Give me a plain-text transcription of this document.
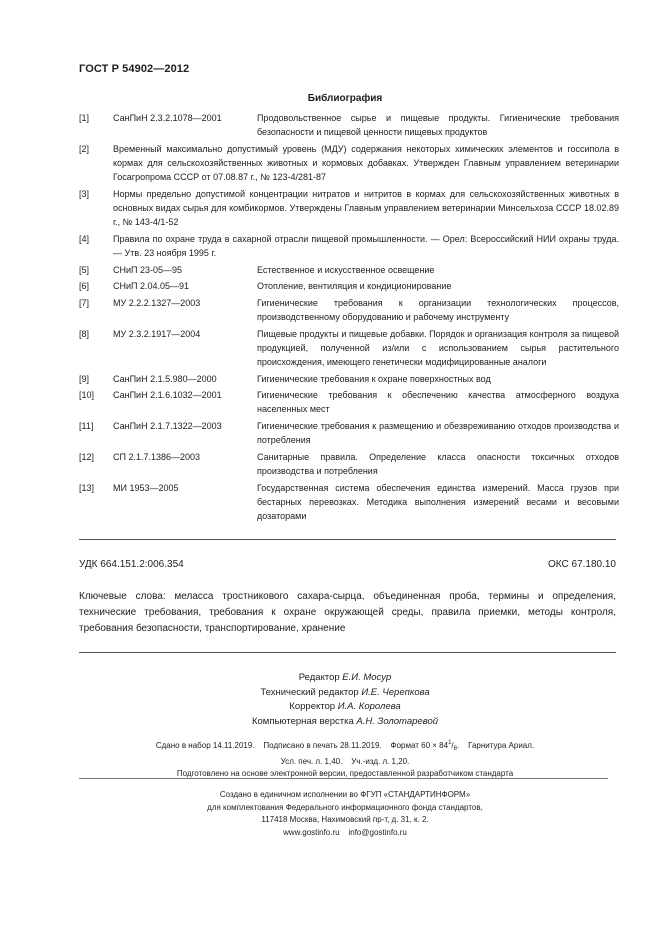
ГОСТ Р 54902—2012
Библиография
[1]	СанПиН 2.3.2.1078—2001	Продовольственное сырье и пищевые продукты. Гигиенические требования безопасности и пищевой ценности пищевых продуктов
[2]	Временный максимально допустимый уровень (МДУ) содержания некоторых химических элементов и госсипола в кормах для сельскохозяйственных животных и кормовых добавках. Утвержден Главным управлением ветеринарии Госагропрома СССР от 07.08.87 г., № 123-4/281-87
[3]	Нормы предельно допустимой концентрации нитратов и нитритов в кормах для сельскохозяйственных животных в основных видах сырья для комбикормов. Утверждены Главным управлением ветеринарии Минсельхоза СССР 18.02.89 г., № 143-4/1-52
[4]	Правила по охране труда в сахарной отрасли пищевой промышленности. — Орел: Всероссийский НИИ охраны труда. — Утв. 23 ноября 1995 г.
[5]	СНиП 23-05—95	Естественное и искусственное освещение
[6]	СНиП 2.04.05—91	Отопление, вентиляция и кондиционирование
[7]	МУ 2.2.2.1327—2003	Гигиенические требования к организации технологических процессов, производственному оборудованию и рабочему инструменту
[8]	МУ 2.3.2.1917—2004	Пищевые продукты и пищевые добавки. Порядок и организация контроля за пищевой продукцией, полученной из/или с использованием сырья растительного происхождения, имеющего генетически модифицированные аналоги
[9]	СанПиН 2.1.5.980—2000	Гигиенические требования к охране поверхностных вод
[10]	СанПиН 2.1.6.1032—2001	Гигиенические требования к обеспечению качества атмосферного воздуха населенных мест
[11]	СанПиН 2.1.7.1322—2003	Гигиенические требования к размещению и обезвреживанию отходов производства и потребления
[12]	СП 2.1.7.1386—2003	Санитарные правила. Определение класса опасности токсичных отходов производства и потребления
[13]	МИ 1953—2005	Государственная система обеспечения единства измерений. Масса грузов при бестарных перевозках. Методика выполнения измерений весами и весовыми дозаторами
УДК 664.151.2:006.354	ОКС 67.180.10
Ключевые слова: меласса тростникового сахара-сырца, объединенная проба, термины и определения, технические требования, требования к охране окружающей среды, правила приемки, методы контроля, требования безопасности, транспортирование, хранение
Редактор Е.И. Мосур
Технический редактор И.Е. Черепкова
Корректор И.А. Королева
Компьютерная верстка А.Н. Золотаревой
Сдано в набор 14.11.2019.    Подписано в печать 28.11.2019.    Формат $60 \times 84^1/_8$.    Гарнитура Ариал.
Усл. печ. л. 1,40.    Уч.-изд. л. 1,20.
Подготовлено на основе электронной версии, предоставленной разработчиком стандарта
Создано в единичном исполнении во ФГУП «СТАНДАРТИНФОРМ»
для комплектования Федерального информационного фонда стандартов,
117418 Москва, Нахимовский пр-т, д. 31, к. 2.
www.gostinfo.ru    info@gostinfo.ru
